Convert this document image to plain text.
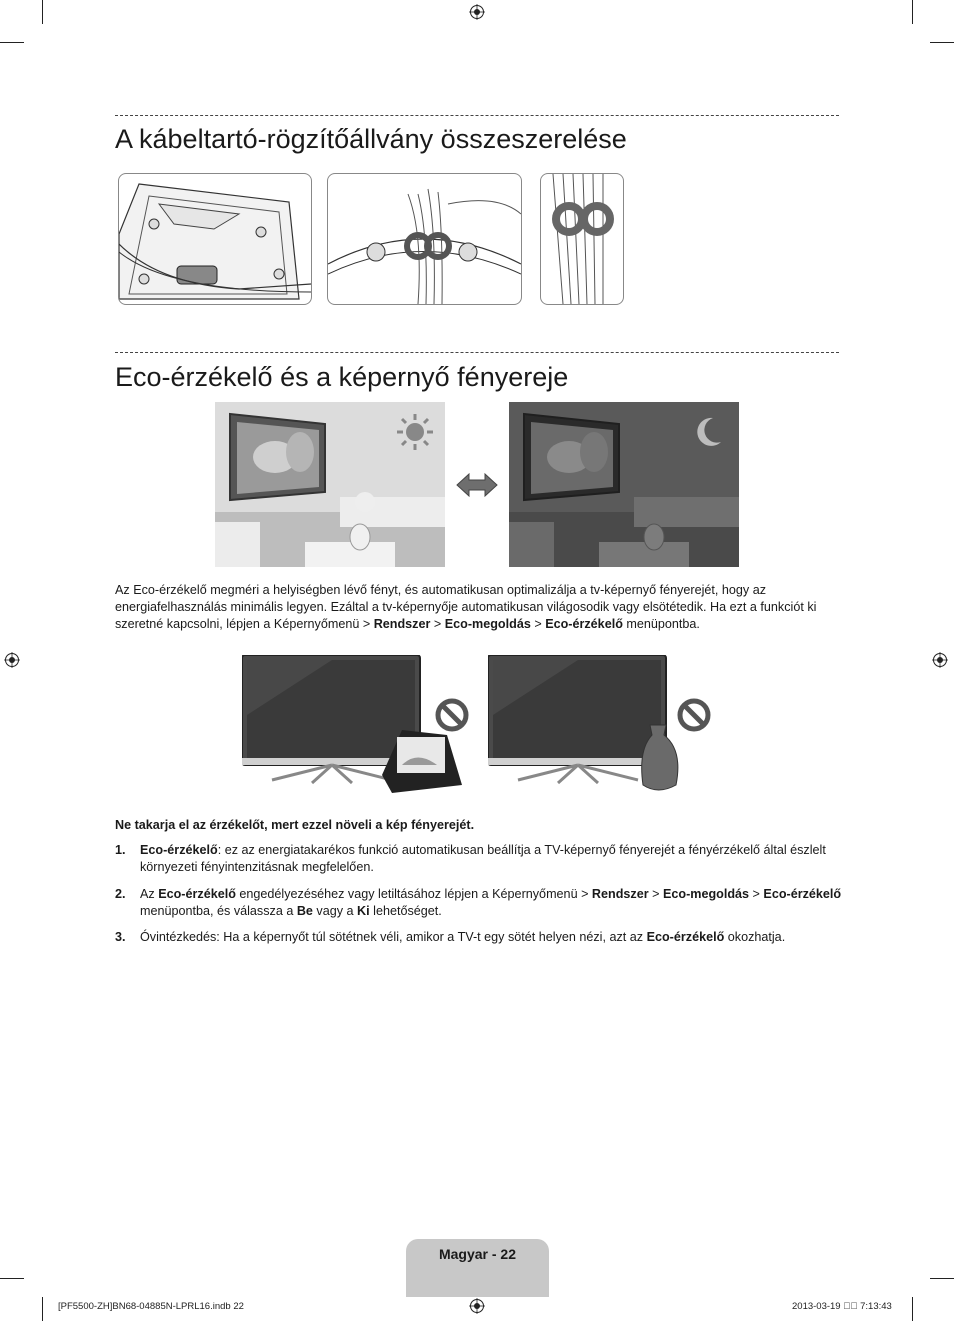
A kábeltartó-rögzítőállvány összeszerelése
Eco-érzékelő és a képernyő fényereje
Az Eco-érzékelő megméri a helyiségben lévő fényt, és automatikusan optimalizálja a tv-képernyő fényerejét, hogy az energiafelhasználás minimális legyen. Ezáltal a tv-képernyője automatikusan világosodik vagy elsötétedik. Ha ezt a funkciót ki szeretné kapcsolni, lépjen a Képernyőmenü > Rendszer > Eco-megoldás > Eco-érzékelő menüpontba.
Ne takarja el az érzékelőt, mert ezzel növeli a kép fényerejét.
1. Eco-érzékelő: ez az energiatakarékos funkció automatikusan beállítja a TV-képernyő fényerejét a fényérzékelő által észlelt környezeti fényintenzitásnak megfelelően.
2. Az Eco-érzékelő engedélyezéséhez vagy letiltásához lépjen a Képernyőmenü > Rendszer > Eco-megoldás > Eco-érzékelő menüpontba, és válassza a Be vagy a Ki lehetőséget.
3. Óvintézkedés: Ha a képernyőt túl sötétnek véli, amikor a TV-t egy sötét helyen nézi, azt az Eco-érzékelő okozhatja.
Magyar - 22
[PF5500-ZH]BN68-04885N-LPRL16.indb 22	2013-03-19 ￿￿ 7:13:43
